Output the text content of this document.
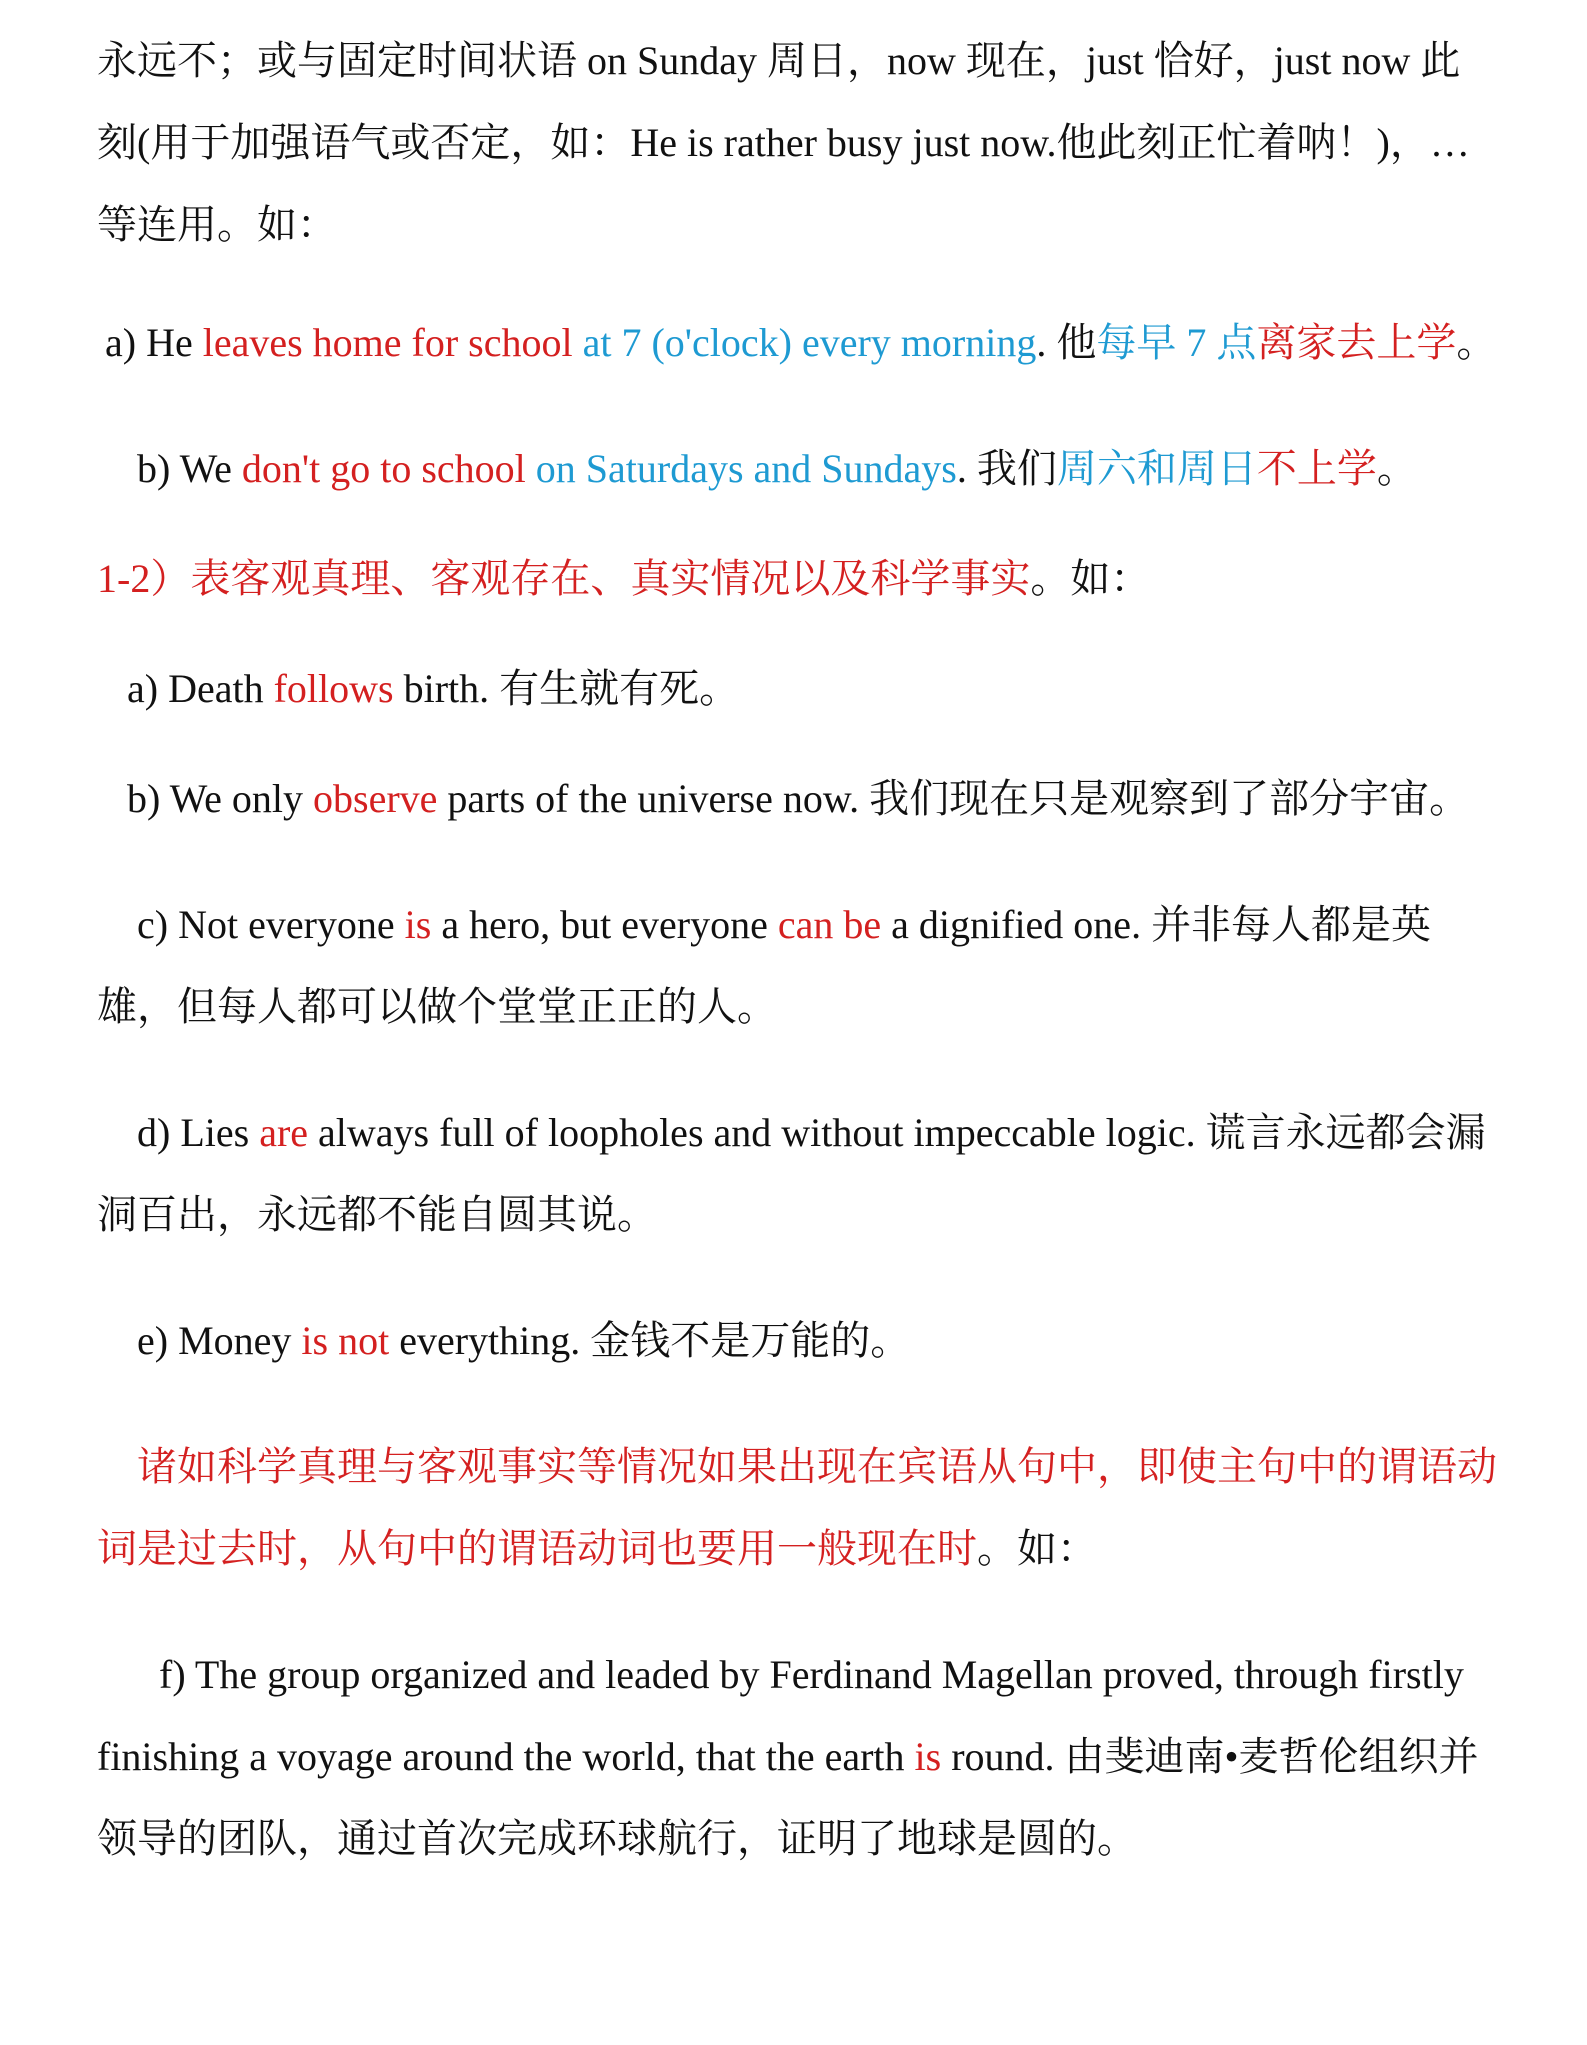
永远不；或与固定时间状语 on Sunday 周日，now 现在，just 恰好，just now 此刻(用于加强语气或否定，如：He is rather busy just now.他此刻正忙着呐！)，…等连用。如：

a) He leaves home for school at 7 (o'clock) every morning. 他每早 7 点离家去上学。

b) We don't go to school on Saturdays and Sundays. 我们周六和周日不上学。

1-2）表客观真理、客观存在、真实情况以及科学事实。如：

a) Death follows birth. 有生就有死。

b) We only observe parts of the universe now. 我们现在只是观察到了部分宇宙。

c) Not everyone is a hero, but everyone can be a dignified one. 并非每人都是英雄，但每人都可以做个堂堂正正的人。

d) Lies are always full of loopholes and without impeccable logic. 谎言永远都会漏洞百出，永远都不能自圆其说。

e) Money is not everything. 金钱不是万能的。

诸如科学真理与客观事实等情况如果出现在宾语从句中，即使主句中的谓语动词是过去时，从句中的谓语动词也要用一般现在时。如：

f) The group organized and leaded by Ferdinand Magellan proved, through firstly finishing a voyage around the world, that the earth is round. 由斐迪南•麦哲伦组织并领导的团队，通过首次完成环球航行，证明了地球是圆的。
